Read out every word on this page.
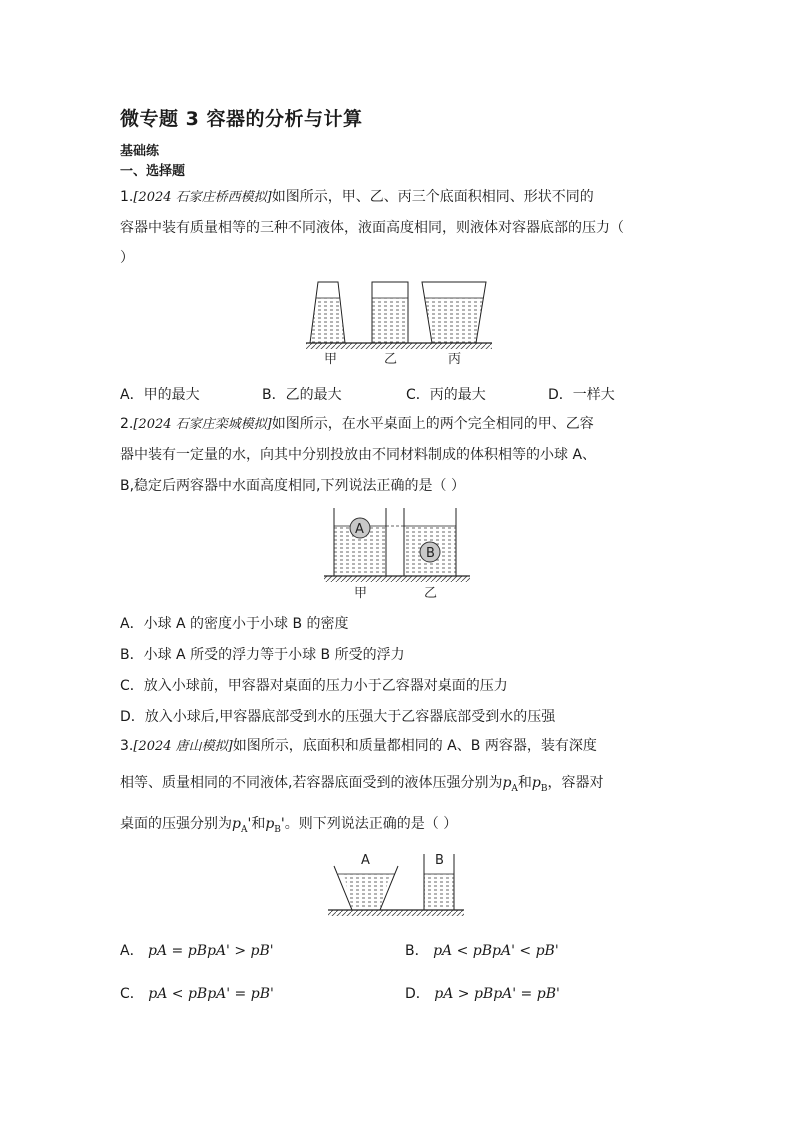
微专题 3 容器的分析与计算
基础练
一、选择题
1.[2024 石家庄桥西模拟]如图所示，甲、乙、丙三个底面积相同、形状不同的
容器中装有质量相等的三种不同液体，液面高度相同，则液体对容器底部的压力（
）
甲	乙	丙
A．甲的最大	B．乙的最大	C．丙的最大	D．一样大
2.[2024 石家庄栾城模拟]如图所示，在水平桌面上的两个完全相同的甲、乙容
器中装有一定量的水，向其中分别投放由不同材料制成的体积相等的小球 A、
B,稳定后两容器中水面高度相同,下列说法正确的是（ ）
A
B
甲	乙
A．小球 A 的密度小于小球 B 的密度
B．小球 A 所受的浮力等于小球 B 所受的浮力
C．放入小球前，甲容器对桌面的压力小于乙容器对桌面的压力
D．放入小球后,甲容器底部受到水的压强大于乙容器底部受到水的压强
3.[2024 唐山模拟]如图所示，底面积和质量都相同的 A、B 两容器，装有深度
相等、质量相同的不同液体,若容器底面受到的液体压强分别为$p_A$和$p_B$，容器对
桌面的压强分别为$p_A'$和$p_B'$。则下列说法正确的是（ ）
A	B
A． pA = pBpA' > pB'	B． pA < pBpA' < pB'
C． pA < pBpA' = pB'	D． pA > pBpA' = pB'
